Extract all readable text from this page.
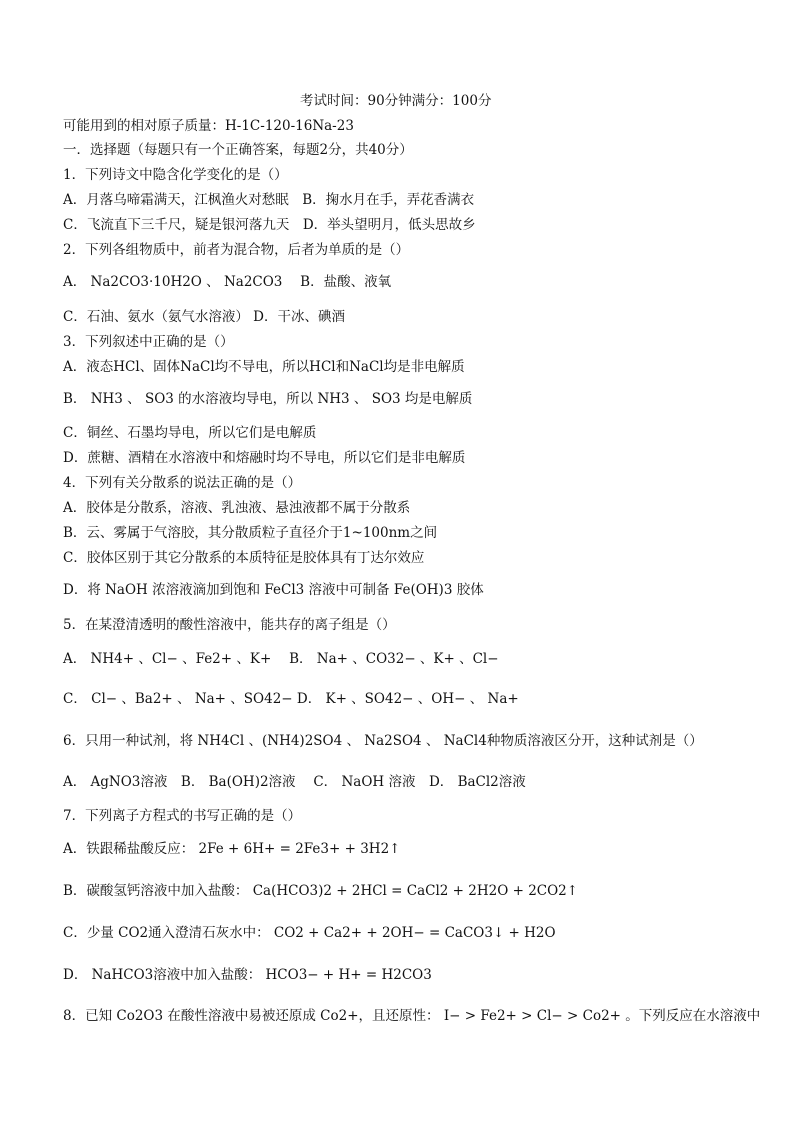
考试时间：90分钟满分：100分
可能用到的相对原子质量：H-1C-120-16Na-23
一．选择题（每题只有一个正确答案，每题2分，共40分）
1．下列诗文中隐含化学变化的是（）
A．月落乌啼霜满天，江枫渔火对愁眠　B．掬水月在手，弄花香满衣
C．飞流直下三千尺，疑是银河落九天　D．举头望明月，低头思故乡
2．下列各组物质中，前者为混合物，后者为单质的是（）
A． Na2CO3·10H2O 、 Na2CO3 　B．盐酸、液氧
C．石油、氨水（氨气水溶液） D．干冰、碘酒
3．下列叙述中正确的是（）
A．液态HCl、固体NaCl均不导电，所以HCl和NaCl均是非电解质
B． NH3 、 SO3 的水溶液均导电，所以 NH3 、 SO3 均是电解质
C．铜丝、石墨均导电，所以它们是电解质
D．蔗糖、酒精在水溶液中和熔融时均不导电，所以它们是非电解质
4．下列有关分散系的说法正确的是（）
A．胶体是分散系，溶液、乳浊液、悬浊液都不属于分散系
B．云、雾属于气溶胶，其分散质粒子直径介于1~100nm之间
C．胶体区别于其它分散系的本质特征是胶体具有丁达尔效应
D．将 NaOH 浓溶液滴加到饱和 FeCl3 溶液中可制备 Fe(OH)3 胶体
5．在某澄清透明的酸性溶液中，能共存的离子组是（）
A． NH4+ 、Cl− 、Fe2+ 、K+ 　B． Na+ 、CO32− 、K+ 、Cl−
C． Cl− 、Ba2+ 、 Na+ 、SO42− D． K+ 、SO42− 、OH− 、 Na+
6．只用一种试剂，将 NH4Cl 、(NH4)2SO4 、 Na2SO4 、 NaCl4种物质溶液区分开，这种试剂是（）
A． AgNO3溶液　B． Ba(OH)2溶液　 C． NaOH 溶液　D． BaCl2溶液
7．下列离子方程式的书写正确的是（）
A．铁跟稀盐酸反应： 2Fe + 6H+ = 2Fe3+ + 3H2↑
B．碳酸氢钙溶液中加入盐酸： Ca(HCO3)2 + 2HCl = CaCl2 + 2H2O + 2CO2↑
C．少量 CO2通入澄清石灰水中： CO2 + Ca2+ + 2OH− = CaCO3↓ + H2O
D． NaHCO3溶液中加入盐酸： HCO3− + H+ = H2CO3
8．已知 Co2O3 在酸性溶液中易被还原成 Co2+，且还原性： I− > Fe2+ > Cl− > Co2+ 。下列反应在水溶液中
